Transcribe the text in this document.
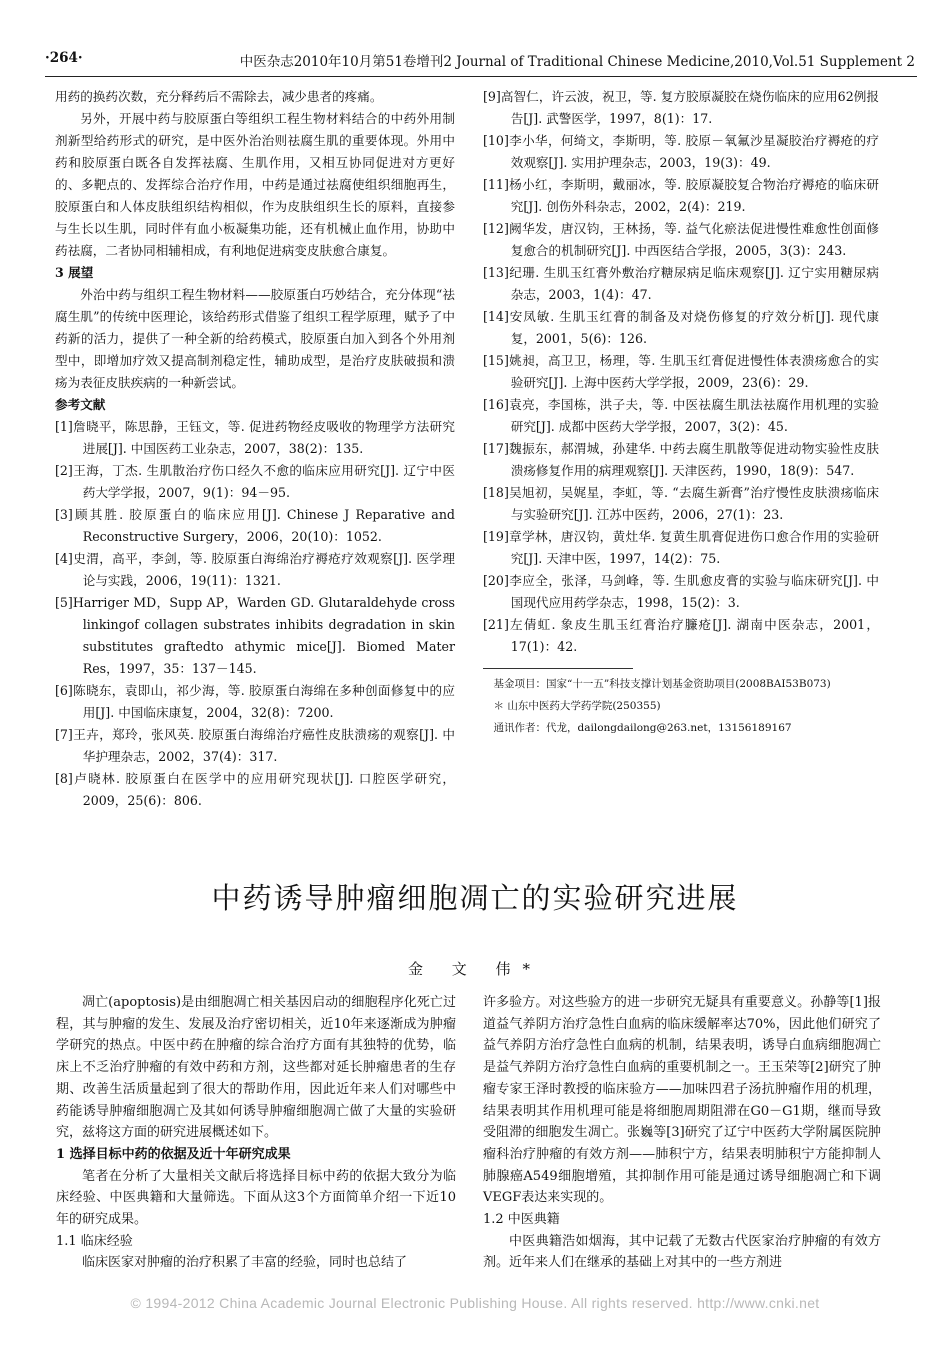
·264·	中医杂志2010年10月第51卷增刊2 Journal of Traditional Chinese Medicine,2010,Vol.51 Supplement 2

用药的换药次数，充分释药后不需除去，减少患者的疼痛。

另外，开展中药与胶原蛋白等组织工程生物材料结合的中药外用制剂新型给药形式的研究，是中医外治治则祛腐生肌的重要体现。外用中药和胶原蛋白既各自发挥祛腐、生肌作用，又相互协同促进对方更好的、多靶点的、发挥综合治疗作用，中药是通过祛腐使组织细胞再生，胶原蛋白和人体皮肤组织结构相似，作为皮肤组织生长的原料，直接参与生长以生肌，同时伴有血小板凝集功能，还有机械止血作用，协助中药祛腐，二者协同相辅相成，有利地促进病变皮肤愈合康复。

3 展望

外治中药与组织工程生物材料——胶原蛋白巧妙结合，充分体现“祛腐生肌”的传统中医理论，该给药形式借鉴了组织工程学原理，赋予了中药新的活力，提供了一种全新的给药模式，胶原蛋白加入到各个外用剂型中，即增加疗效又提高制剂稳定性，辅助成型，是治疗皮肤破损和溃疡为表征皮肤疾病的一种新尝试。

参考文献

[1]詹晓平，陈思静，王钰文，等. 促进药物经皮吸收的物理学方法研究进展[J]. 中国医药工业杂志，2007，38(2)：135.

[2]王海，丁杰. 生肌散治疗伤口经久不愈的临床应用研究[J]. 辽宁中医药大学学报，2007，9(1)：94－95.

[3]顾其胜. 胶原蛋白的临床应用[J]. Chinese J Reparative and Reconstructive Surgery，2006，20(10)：1052.

[4]史渭，高平，李剑，等. 胶原蛋白海绵治疗褥疮疗效观察[J]. 医学理论与实践，2006，19(11)：1321.

[5]Harriger MD，Supp AP，Warden GD. Glutaraldehyde cross linkingof collagen substrates inhibits degradation in skin substitutes graftedto athymic mice[J]. Biomed Mater Res，1997，35：137－145.

[6]陈晓东，袁即山，祁少海，等. 胶原蛋白海绵在多种创面修复中的应用[J]. 中国临床康复，2004，32(8)：7200.

[7]王卉，郑玲，张风英. 胶原蛋白海绵治疗癌性皮肤溃疡的观察[J]. 中华护理杂志，2002，37(4)：317.

[8]卢晓林. 胶原蛋白在医学中的应用研究现状[J]. 口腔医学研究，2009，25(6)：806.

[9]高智仁，许云波，祝卫，等. 复方胶原凝胶在烧伤临床的应用62例报告[J]. 武警医学，1997，8(1)：17.

[10]李小华，何绮文，李斯明，等. 胶原－氧氟沙星凝胶治疗褥疮的疗效观察[J]. 实用护理杂志，2003，19(3)：49.

[11]杨小红，李斯明，戴丽冰，等. 胶原凝胶复合物治疗褥疮的临床研究[J]. 创伤外科杂志，2002，2(4)：219.

[12]阙华发，唐汉钧，王林扬，等. 益气化瘀法促进慢性难愈性创面修复愈合的机制研究[J]. 中西医结合学报，2005，3(3)：243.

[13]纪珊. 生肌玉红膏外敷治疗糖尿病足临床观察[J]. 辽宁实用糖尿病杂志，2003，1(4)：47.

[14]安凤敏. 生肌玉红膏的制备及对烧伤修复的疗效分析[J]. 现代康复，2001，5(6)：126.

[15]姚昶，高卫卫，杨理，等. 生肌玉红膏促进慢性体表溃疡愈合的实验研究[J]. 上海中医药大学学报，2009，23(6)：29.

[16]袁亮，李国栋，洪子夫，等. 中医祛腐生肌法祛腐作用机理的实验研究[J]. 成都中医药大学学报，2007，3(2)：45.

[17]魏振东，郝渭城，孙建华. 中药去腐生肌散等促进动物实验性皮肤溃疡修复作用的病理观察[J]. 天津医药，1990，18(9)：547.

[18]吴旭初，吴娓星，李虹，等. “去腐生新膏”治疗慢性皮肤溃疡临床与实验研究[J]. 江苏中医药，2006，27(1)：23.

[19]章学林，唐汉钧，黄灶华. 复黄生肌膏促进伤口愈合作用的实验研究[J]. 天津中医，1997，14(2)：75.

[20]李应全，张泽，马剑峰，等. 生肌愈皮膏的实验与临床研究[J]. 中国现代应用药学杂志，1998，15(2)：3.

[21]左倩虹. 象皮生肌玉红膏治疗臁疮[J]. 湖南中医杂志，2001，17(1)：42.

基金项目：国家“十一五”科技支撑计划基金资助项目(2008BAI53B073)

＊ 山东中医药大学药学院(250355)

通讯作者：代龙，dailongdailong@263.net，13156189167

中药诱导肿瘤细胞凋亡的实验研究进展
金 文 伟*

凋亡(apoptosis)是由细胞凋亡相关基因启动的细胞程序化死亡过程，其与肿瘤的发生、发展及治疗密切相关，近10年来逐渐成为肿瘤学研究的热点。中医中药在肿瘤的综合治疗方面有其独特的优势，临床上不乏治疗肿瘤的有效中药和方剂，这些都对延长肿瘤患者的生存期、改善生活质量起到了很大的帮助作用，因此近年来人们对哪些中药能诱导肿瘤细胞凋亡及其如何诱导肿瘤细胞凋亡做了大量的实验研究，兹将这方面的研究进展概述如下。

1 选择目标中药的依据及近十年研究成果

笔者在分析了大量相关文献后将选择目标中药的依据大致分为临床经验、中医典籍和大量筛选。下面从这3个方面简单介绍一下近10年的研究成果。

1.1 临床经验

临床医家对肿瘤的治疗积累了丰富的经验，同时也总结了

许多验方。对这些验方的进一步研究无疑具有重要意义。孙静等[1]报道益气养阴方治疗急性白血病的临床缓解率达70%，因此他们研究了益气养阴方治疗急性白血病的机制，结果表明，诱导白血病细胞凋亡是益气养阴方治疗急性白血病的重要机制之一。王玉荣等[2]研究了肿瘤专家王泽时教授的临床验方——加味四君子汤抗肿瘤作用的机理，结果表明其作用机理可能是将细胞周期阻滞在G0－G1期，继而导致受阻滞的细胞发生凋亡。张巍等[3]研究了辽宁中医药大学附属医院肿瘤科治疗肿瘤的有效方剂——肺积宁方，结果表明肺积宁方能抑制人肺腺癌A549细胞增殖，其抑制作用可能是通过诱导细胞凋亡和下调VEGF表达来实现的。

1.2 中医典籍

中医典籍浩如烟海，其中记载了无数古代医家治疗肿瘤的有效方剂。近年来人们在继承的基础上对其中的一些方剂进

© 1994-2012 China Academic Journal Electronic Publishing House. All rights reserved. http://www.cnki.net
